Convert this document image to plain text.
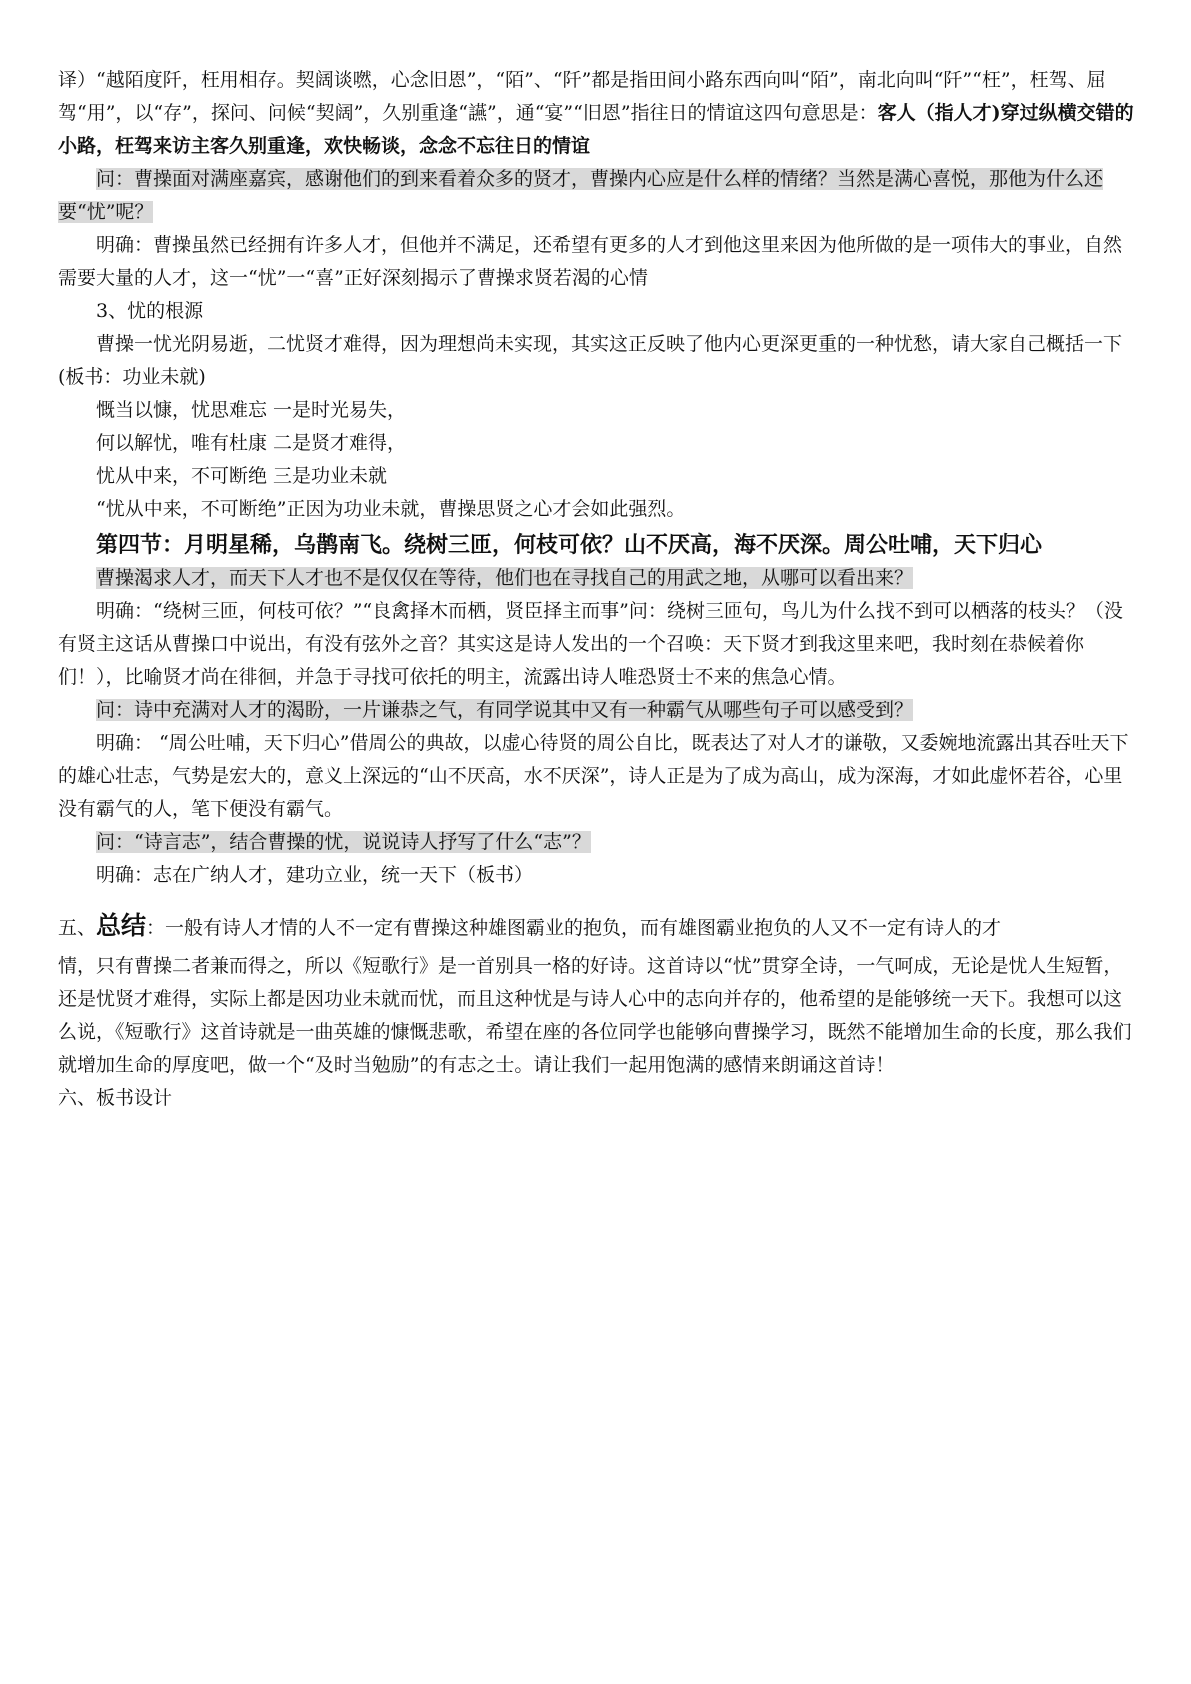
译）“越陌度阡，枉用相存。契阔谈嘫，心念旧恩”，“陌”、“阡”都是指田间小路东西向叫“陌”，南北向叫“阡”“枉”，枉驾、屈驾“用”，以“存”，探问、问候“契阔”，久别重逢“讌”，通“宴”“旧恩”指往日的情谊这四句意思是：客人（指人才)穿过纵横交错的小路，枉驾来访主客久别重逢，欢快畅谈，念念不忘往日的情谊

问：曹操面对满座嘉宾，感谢他们的到来看着众多的贤才，曹操内心应是什么样的情绪？当然是满心喜悦，那他为什么还要“忧”呢？

明确：曹操虽然已经拥有许多人才，但他并不满足，还希望有更多的人才到他这里来因为他所做的是一项伟大的事业，自然需要大量的人才，这一“忧”一“喜”正好深刻揭示了曹操求贤若渴的心情

3、忧的根源

曹操一忧光阴易逝，二忧贤才难得，因为理想尚未实现，其实这正反映了他内心更深更重的一种忧愁，请大家自己概括一下(板书：功业未就)

慨当以慷，忧思难忘 一是时光易失，

何以解忧，唯有杜康 二是贤才难得，

忧从中来，不可断绝 三是功业未就

“忧从中来，不可断绝”正因为功业未就，曹操思贤之心才会如此强烈。

第四节：月明星稀，乌鹊南飞。绕树三匝，何枝可依？山不厌高，海不厌深。周公吐哺，天下归心

曹操渴求人才，而天下人才也不是仅仅在等待，他们也在寻找自己的用武之地，从哪可以看出来？

明确：“绕树三匝，何枝可依？”“良禽择木而栖，贤臣择主而事”问：绕树三匝句，鸟儿为什么找不到可以栖落的枝头？（没有贤主这话从曹操口中说出，有没有弦外之音？其实这是诗人发出的一个召唤：天下贤才到我这里来吧，我时刻在恭候着你们！），比喻贤才尚在徘徊，并急于寻找可依托的明主，流露出诗人唯恐贤士不来的焦急心情。

问：诗中充满对人才的渴盼，一片谦恭之气，有同学说其中又有一种霸气从哪些句子可以感受到？

明确： “周公吐哺，天下归心”借周公的典故，以虚心待贤的周公自比，既表达了对人才的谦敬，又委婉地流露出其吞吐天下的雄心壮志，气势是宏大的，意义上深远的“山不厌高，水不厌深”，诗人正是为了成为高山，成为深海，才如此虚怀若谷，心里没有霸气的人，笔下便没有霸气。

问：“诗言志”，结合曹操的忧，说说诗人抒写了什么“志”？

明确：志在广纳人才，建功立业，统一天下（板书）

五、总结：一般有诗人才情的人不一定有曹操这种雄图霸业的抱负，而有雄图霸业抱负的人又不一定有诗人的才

情，只有曹操二者兼而得之，所以《短歌行》是一首别具一格的好诗。这首诗以“忧”贯穿全诗，一气呵成，无论是忧人生短暂，还是忧贤才难得，实际上都是因功业未就而忧，而且这种忧是与诗人心中的志向并存的，他希望的是能够统一天下。我想可以这么说，《短歌行》这首诗就是一曲英雄的慷慨悲歌，希望在座的各位同学也能够向曹操学习，既然不能增加生命的长度，那么我们就增加生命的厚度吧，做一个“及时当勉励”的有志之士。请让我们一起用饱满的感情来朗诵这首诗！

六、板书设计
